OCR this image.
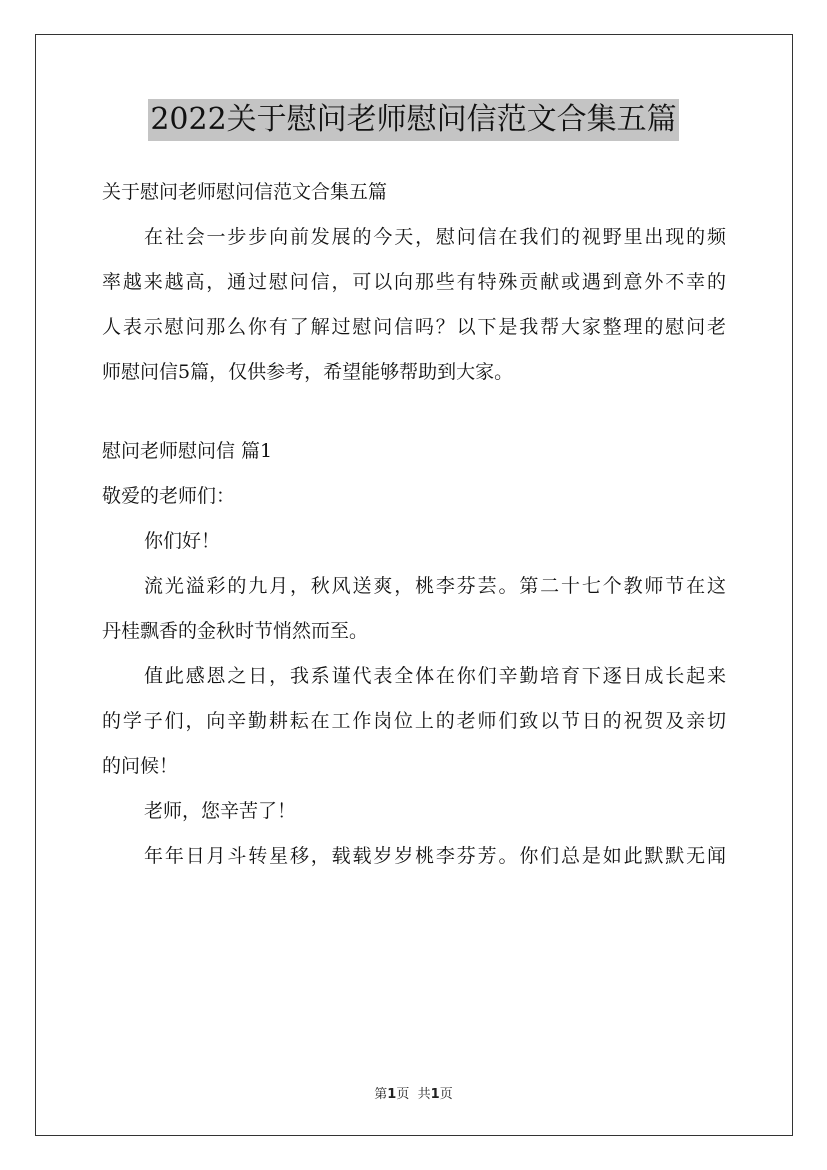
2022关于慰问老师慰问信范文合集五篇
关于慰问老师慰问信范文合集五篇
在社会一步步向前发展的今天，慰问信在我们的视野里出现的频
率越来越高，通过慰问信，可以向那些有特殊贡献或遇到意外不幸的
人表示慰问那么你有了解过慰问信吗？以下是我帮大家整理的慰问老
师慰问信5篇，仅供参考，希望能够帮助到大家。
慰问老师慰问信 篇1
敬爱的老师们：
你们好！
流光溢彩的九月，秋风送爽，桃李芬芸。第二十七个教师节在这
丹桂飘香的金秋时节悄然而至。
值此感恩之日，我系谨代表全体在你们辛勤培育下逐日成长起来
的学子们，向辛勤耕耘在工作岗位上的老师们致以节日的祝贺及亲切
的问候！
老师，您辛苦了！
年年日月斗转星移，载载岁岁桃李芬芳。你们总是如此默默无闻
第1页 共1页
